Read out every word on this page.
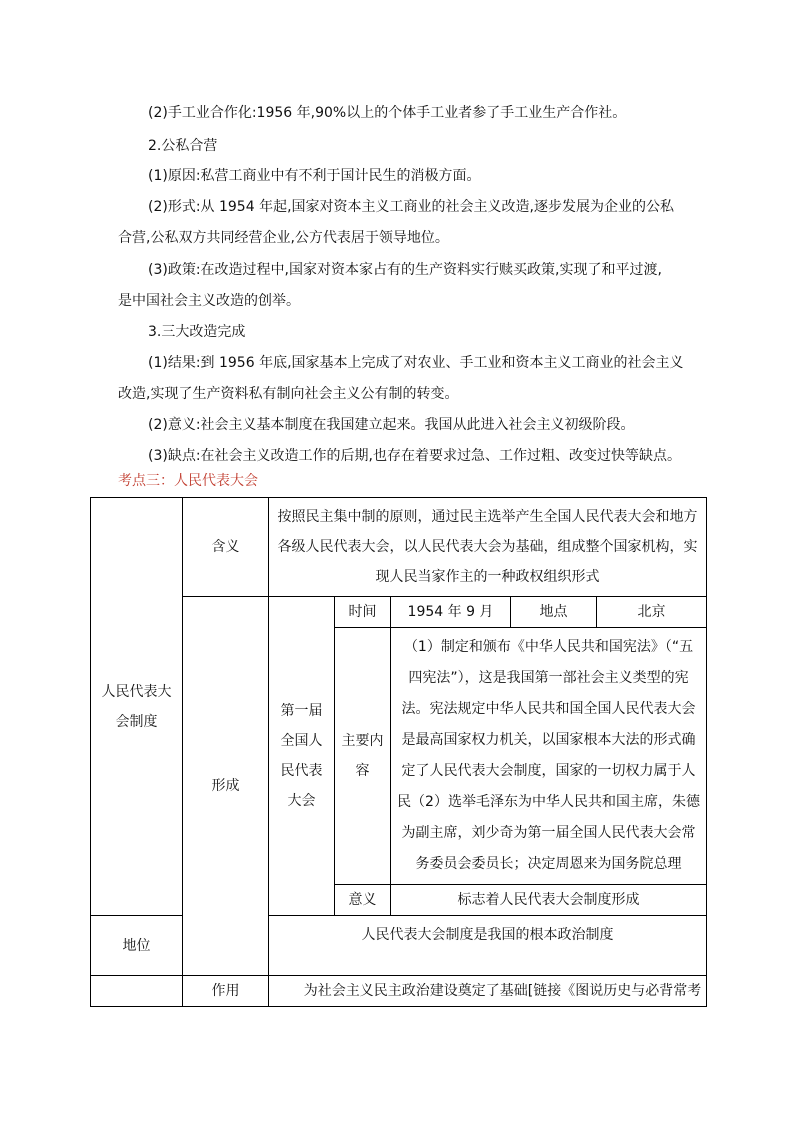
(2)手工业合作化:1956 年,90%以上的个体手工业者参了手工业生产合作社。
2.公私合营
(1)原因:私营工商业中有不利于国计民生的消极方面。
(2)形式:从 1954 年起,国家对资本主义工商业的社会主义改造,逐步发展为企业的公私
合营,公私双方共同经营企业,公方代表居于领导地位。
(3)政策:在改造过程中,国家对资本家占有的生产资料实行赎买政策,实现了和平过渡,
是中国社会主义改造的创举。
3.三大改造完成
(1)结果:到 1956 年底,国家基本上完成了对农业、手工业和资本主义工商业的社会主义
改造,实现了生产资料私有制向社会主义公有制的转变。
(2)意义:社会主义基本制度在我国建立起来。我国从此进入社会主义初级阶段。
(3)缺点:在社会主义改造工作的后期,也存在着要求过急、工作过粗、改变过快等缺点。
考点三：人民代表大会
人民代表大会制度	含义	按照民主集中制的原则，通过民主选举产生全国人民代表大会和地方各级人民代表大会，以人民代表大会为基础，组成整个国家机构，实现人民当家作主的一种政权组织形式				
	形成	第一届全国人民代表大会	时间	1954 年 9 月	地点	北京
			主要内容	（1）制定和颁布《中华人民共和国宪法》（“五四宪法”），这是我国第一部社会主义类型的宪法。宪法规定中华人民共和国全国人民代表大会是最高国家权力机关，以国家根本大法的形式确定了人民代表大会制度，国家的一切权力属于人民（2）选举毛泽东为中华人民共和国主席，朱德为副主席，刘少奇为第一届全国人民代表大会常务委员会委员长；决定周恩来为国务院总理		
			意义	标志着人民代表大会制度形成		
地位		人民代表大会制度是我国的根本政治制度				
	作用	为社会主义民主政治建设奠定了基础[链接《图说历史与必背常考				
